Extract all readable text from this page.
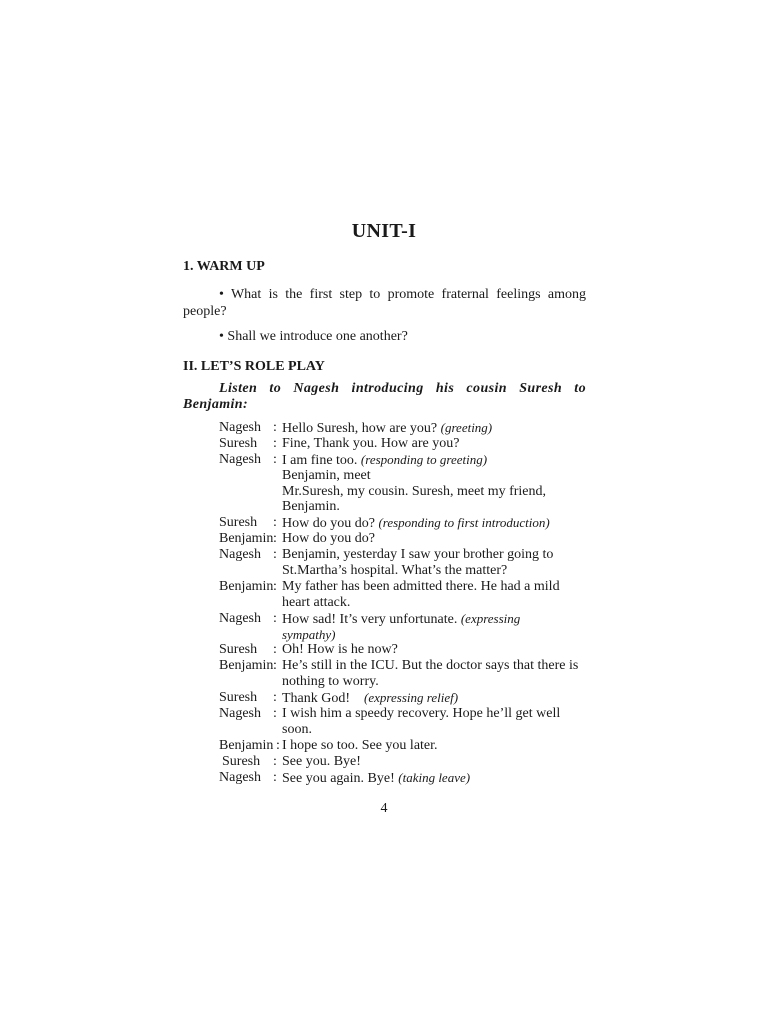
UNIT-I
1. WARM UP
• What is the first step to promote fraternal feelings among
people?
• Shall we introduce one another?
II. LET’S ROLE PLAY
Listen to Nagesh introducing his cousin Suresh to
Benjamin:
Nagesh : Hello Suresh, how are you? (greeting)
Suresh : Fine, Thank you. How are you?
Nagesh : I am fine too. (responding to greeting)
Benjamin, meet
Mr.Suresh, my cousin. Suresh, meet my friend,
Benjamin.
Suresh : How do you do? (responding to first introduction)
Benjamin : How do you do?
Nagesh : Benjamin, yesterday I saw your brother going to
St.Martha’s hospital. What’s the matter?
Benjamin : My father has been admitted there. He had a mild
heart attack.
Nagesh : How sad! It’s very unfortunate. (expressing
sympathy)
Suresh : Oh! How is he now?
Benjamin : He’s still in the ICU. But the doctor says that there is
nothing to worry.
Suresh : Thank God!    (expressing relief)
Nagesh : I wish him a speedy recovery. Hope he’ll get well
soon.
Benjamin : I hope so too. See you later.
Suresh : See you. Bye!
Nagesh : See you again. Bye! (taking leave)
4
